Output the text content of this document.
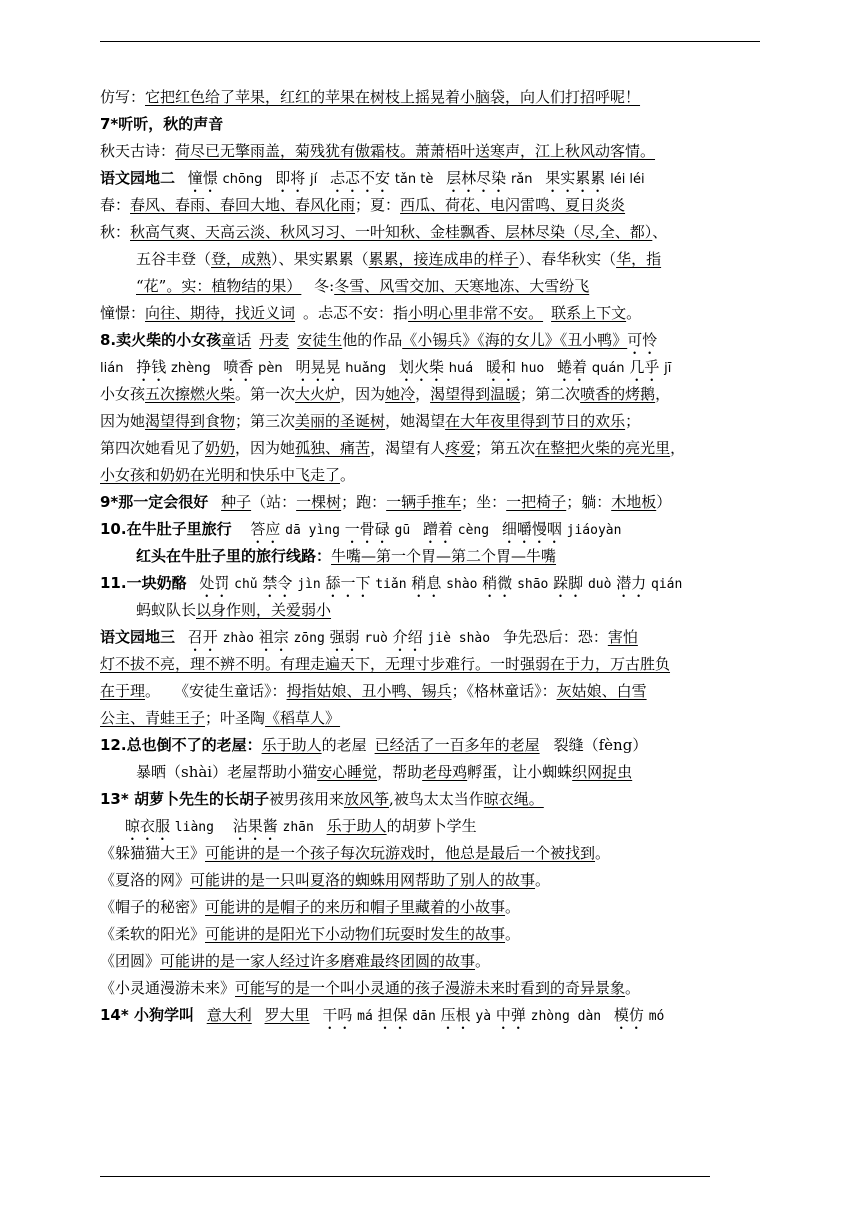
仿写：它把红色给了苹果，红红的苹果在树枝上摇晃着小脑袋，向人们打招呼呢！
7*听听，秋的声音
秋天古诗：荷尽已无擎雨盖，菊残犹有傲霜枝。萧萧梧叶送寒声，江上秋风动客情。
语文园地二 憧憬 chōng 即将 jí 忐忑不安 tǎn tè 层林尽染 rǎn 果实累累 léi léi
春：春风、春雨、春回大地、春风化雨；夏：西瓜、荷花、电闪雷鸣、夏日炎炎
秋：秋高气爽、天高云淡、秋风习习、一叶知秋、金桂飘香、层林尽染（尽,全、都）、
五谷丰登（登，成熟）、果实累累（累累，接连成串的样子）、春华秋实（华，指
“花”。实：植物结的果） 冬:冬雪、风雪交加、天寒地冻、大雪纷飞
憧憬：向往、期待，找近义词 。忐忑不安：指小明心里非常不安。 联系上下文。
8.卖火柴的小女孩童话 丹麦 安徒生他的作品《小锡兵》《海的女儿》《丑小鸭》可怜
lián 挣钱 zhèng 喷香 pèn 明晃晃 huǎng 划火柴 huá 暖和 huo 蜷着 quán 几乎 jī
小女孩五次擦燃火柴。第一次大火炉，因为她冷，渴望得到温暖；第二次喷香的烤鹅，
因为她渴望得到食物；第三次美丽的圣诞树，她渴望在大年夜里得到节日的欢乐；
第四次她看见了奶奶，因为她孤独、痛苦，渴望有人疼爱；第五次在整把火柴的亮光里，
小女孩和奶奶在光明和快乐中飞走了。
9*那一定会很好 种子（站：一棵树；跑：一辆手推车；坐：一把椅子；躺：木地板）
10.在牛肚子里旅行 答应 dā yìng 一骨碌 gū 蹭着 cèng 细嚼慢咽 jiáoyàn
红头在牛肚子里的旅行线路：牛嘴—第一个胃—第二个胃—牛嘴
11.一块奶酪 处罚 chǔ 禁令 jìn 舔一下 tiǎn 稍息 shào 稍微 shāo 跺脚 duò 潜力 qián
蚂蚁队长以身作则，关爱弱小
语文园地三 召开 zhào 祖宗 zōng 强弱 ruò 介绍 jiè shào 争先恐后：恐：害怕
灯不拔不亮，理不辨不明。有理走遍天下，无理寸步难行。一时强弱在于力，万古胜负
在于理。 《安徒生童话》：拇指姑娘、丑小鸭、锡兵；《格林童话》：灰姑娘、白雪
公主、青蛙王子；叶圣陶《稻草人》
12.总也倒不了的老屋：乐于助人的老屋 已经活了一百多年的老屋 裂缝（fèng）
暴晒（shài）老屋帮助小猫安心睡觉，帮助老母鸡孵蛋，让小蜘蛛织网捉虫
13* 胡萝卜先生的长胡子被男孩用来放风筝,被鸟太太当作晾衣绳。
晾衣服 liàng 沾果酱 zhān 乐于助人的胡萝卜学生
《躲猫猫大王》可能讲的是一个孩子每次玩游戏时，他总是最后一个被找到。
《夏洛的网》可能讲的是一只叫夏洛的蜘蛛用网帮助了别人的故事。
《帽子的秘密》可能讲的是帽子的来历和帽子里藏着的小故事。
《柔软的阳光》可能讲的是阳光下小动物们玩耍时发生的故事。
《团圆》可能讲的是一家人经过许多磨难最终团圆的故事。
《小灵通漫游未来》可能写的是一个叫小灵通的孩子漫游未来时看到的奇异景象。
14* 小狗学叫 意大利 罗大里 干吗 má 担保 dān 压根 yà 中弹 zhòng dàn 模仿 mó
